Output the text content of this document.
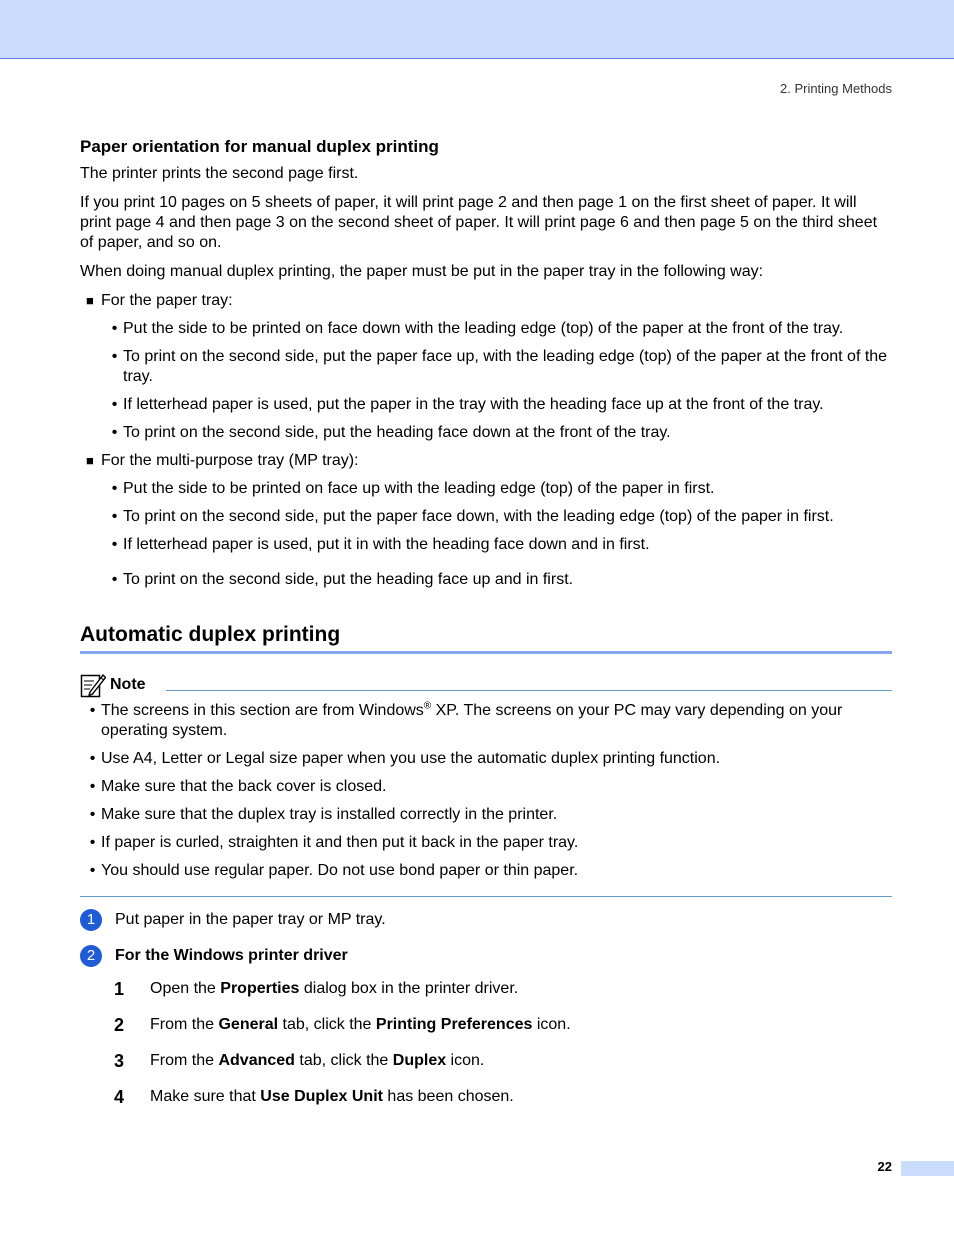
2. Printing Methods
Paper orientation for manual duplex printing

The printer prints the second page first.

If you print 10 pages on 5 sheets of paper, it will print page 2 and then page 1 on the first sheet of paper. It will print page 4 and then page 3 on the second sheet of paper. It will print page 6 and then page 5 on the third sheet of paper, and so on.

When doing manual duplex printing, the paper must be put in the paper tray in the following way:

■ For the paper tray:
• Put the side to be printed on face down with the leading edge (top) of the paper at the front of the tray.
• To print on the second side, put the paper face up, with the leading edge (top) of the paper at the front of the tray.
• If letterhead paper is used, put the paper in the tray with the heading face up at the front of the tray.
• To print on the second side, put the heading face down at the front of the tray.
■ For the multi-purpose tray (MP tray):
• Put the side to be printed on face up with the leading edge (top) of the paper in first.
• To print on the second side, put the paper face down, with the leading edge (top) of the paper in first.
• If letterhead paper is used, put it in with the heading face down and in first.
• To print on the second side, put the heading face up and in first.
Automatic duplex printing
Note
• The screens in this section are from Windows® XP. The screens on your PC may vary depending on your operating system.
• Use A4, Letter or Legal size paper when you use the automatic duplex printing function.
• Make sure that the back cover is closed.
• Make sure that the duplex tray is installed correctly in the printer.
• If paper is curled, straighten it and then put it back in the paper tray.
• You should use regular paper. Do not use bond paper or thin paper.
1	Put paper in the paper tray or MP tray.
2	For the Windows printer driver
1	Open the Properties dialog box in the printer driver.
2	From the General tab, click the Printing Preferences icon.
3	From the Advanced tab, click the Duplex icon.
4	Make sure that Use Duplex Unit has been chosen.
22
